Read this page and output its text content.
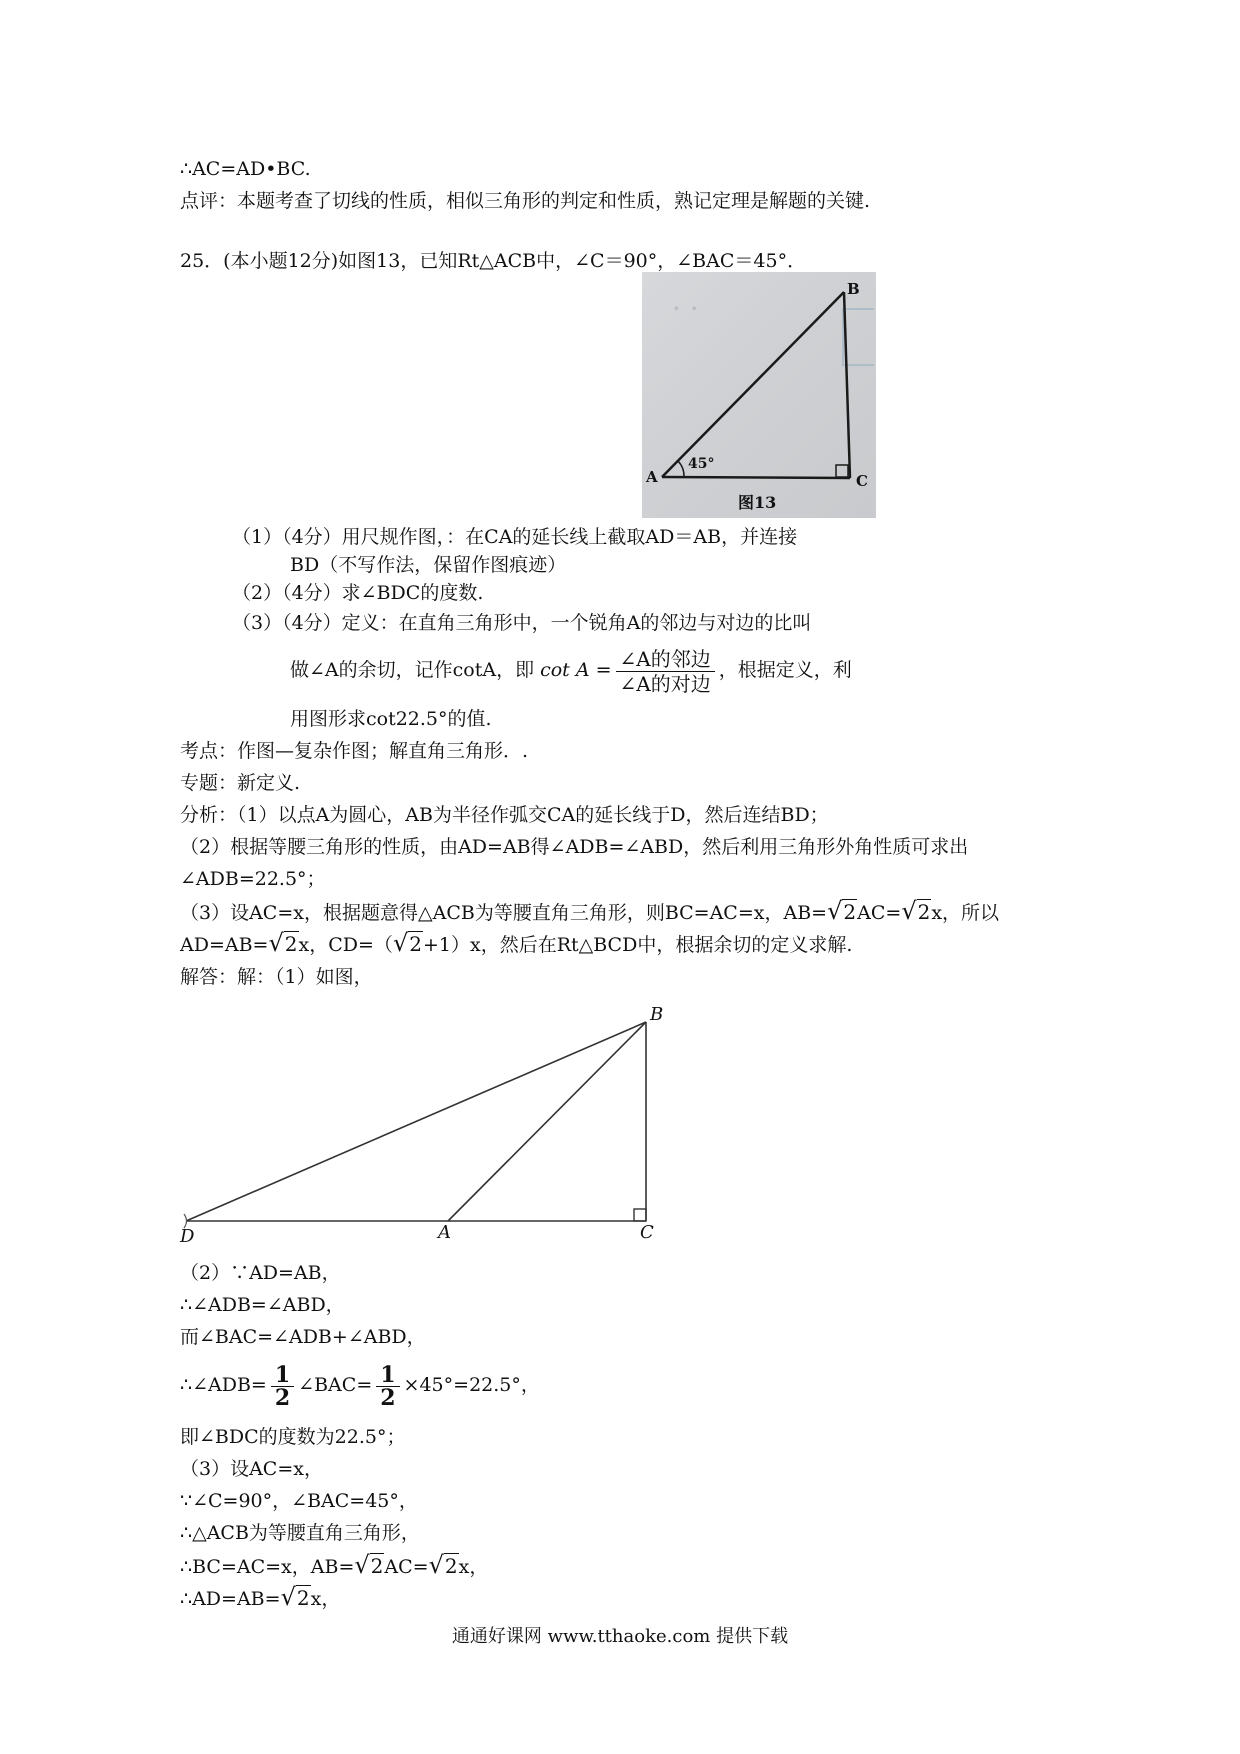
∴AC=AD•BC.
点评：本题考查了切线的性质，相似三角形的判定和性质，熟记定理是解题的关键.
25．(本小题12分)如图13，已知Rt△ACB中，∠C＝90°，∠BAC＝45°．
· ·
B
A	C
45°
图13
（1）（4分）用尺规作图，：在CA的延长线上截取AD＝AB，并连接
BD（不写作法，保留作图痕迹）
（2）（4分）求∠BDC的度数.
（3）（4分）定义：在直角三角形中，一个锐角A的邻边与对边的比叫
做∠A的余切，记作cotA，即 $\cot A = \frac{\text{∠A的邻边}}{\text{∠A的对边}}$ ，根据定义，利
用图形求cot22.5°的值.
考点：作图—复杂作图；解直角三角形．.
专题：新定义.
分析：（1）以点A为圆心，AB为半径作弧交CA的延长线于D，然后连结BD；
（2）根据等腰三角形的性质，由AD=AB得∠ADB=∠ABD，然后利用三角形外角性质可求出
∠ADB=22.5°；
（3）设AC=x，根据题意得△ACB为等腰直角三角形，则BC=AC=x，AB=√2AC=√2x，所以
AD=AB=√2x，CD=（√2+1）x，然后在Rt△BCD中，根据余切的定义求解.
解答：解：（1）如图，
B
D	A	C
（2）∵AD=AB，
∴∠ADB=∠ABD，
而∠BAC=∠ADB+∠ABD，
∴∠ADB= $\frac{1}{2}$ ∠BAC= $\frac{1}{2} \times 45^\circ=22.5^\circ$，
即∠BDC的度数为22.5°；
（3）设AC=x，
∵∠C=90°，∠BAC=45°，
∴△ACB为等腰直角三角形，
∴BC=AC=x，AB=√2AC=√2x，
∴AD=AB=√2x，
通通好课网 www.tthaoke.com 提供下载
